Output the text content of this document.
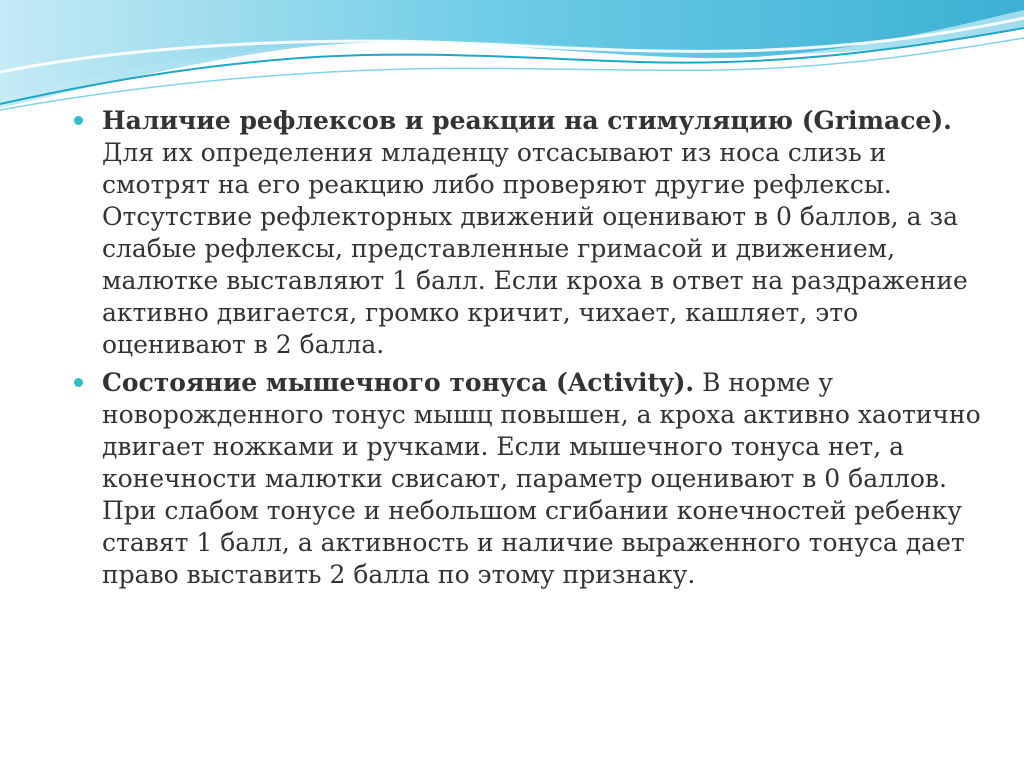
Наличие рефлексов и реакции на стимуляцию (Grimace). Для их определения младенцу отсасывают из носа слизь и смотрят на его реакцию либо проверяют другие рефлексы. Отсутствие рефлекторных движений оценивают в 0 баллов, а за слабые рефлексы, представленные гримасой и движением, малютке выставляют 1 балл. Если кроха в ответ на раздражение активно двигается, громко кричит, чихает, кашляет, это оценивают в 2 балла.
Состояние мышечного тонуса (Activity). В норме у новорожденного тонус мышц повышен, а кроха активно хаотично двигает ножками и ручками. Если мышечного тонуса нет, а конечности малютки свисают, параметр оценивают в 0 баллов. При слабом тонусе и небольшом сгибании конечностей ребенку ставят 1 балл, а активность и наличие выраженного тонуса дает право выставить 2 балла по этому признаку.
